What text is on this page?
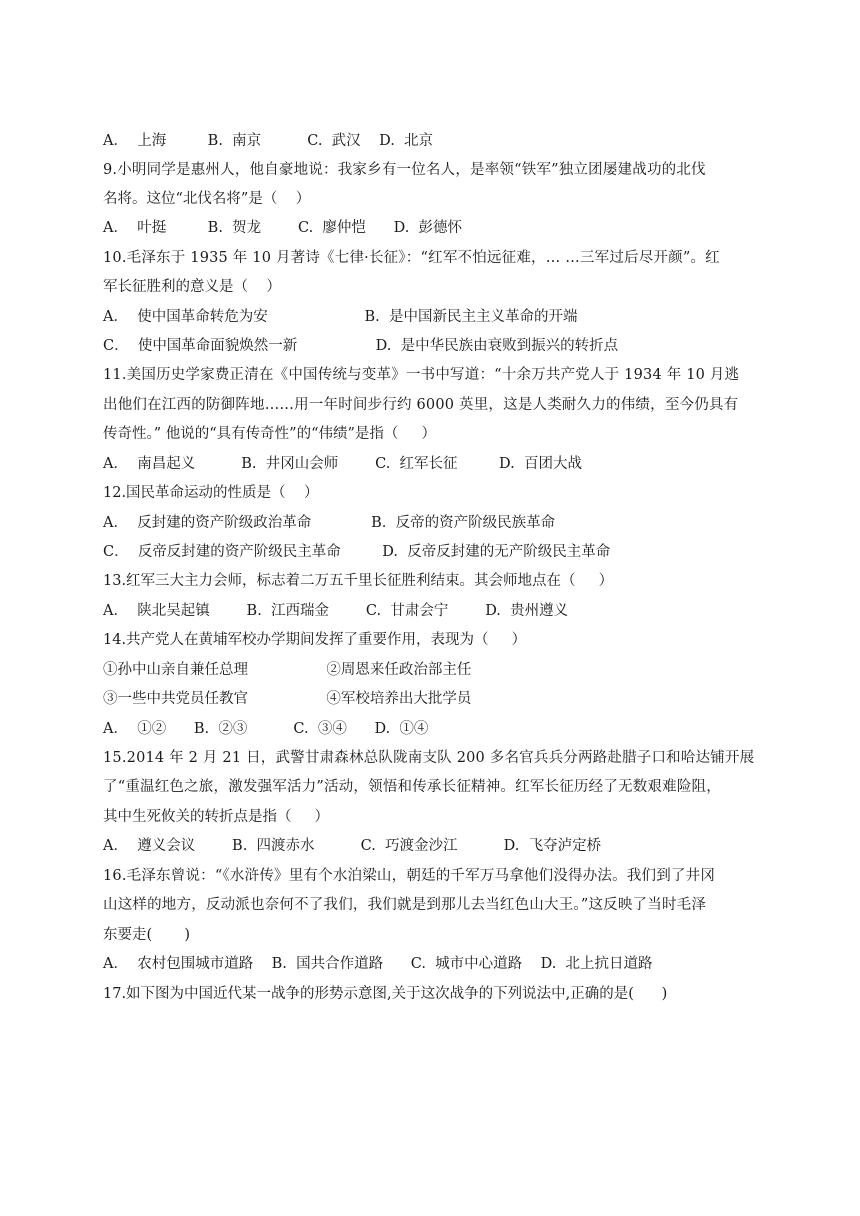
A．  上海         B.  南京          C.  武汉    D.  北京
9.小明同学是惠州人，他自豪地说：我家乡有一位名人，是率领“铁军”独立团屡建战功的北伐
名将。这位“北伐名将”是（    ）
A．  叶挺         B.  贺龙        C.  廖仲恺      D.  彭德怀
10.毛泽东于 1935 年 10 月著诗《七律·长征》：“红军不怕远征难，… …三军过后尽开颜”。红
军长征胜利的意义是（    ）
A．  使中国革命转危为安                     B.  是中国新民主主义革命的开端
C．  使中国革命面貌焕然一新                 D.  是中华民族由衰败到振兴的转折点
11.美国历史学家费正清在《中国传统与变革》一书中写道：“十余万共产党人于 1934 年 10 月逃
出他们在江西的防御阵地……用一年时间步行约 6000 英里，这是人类耐久力的伟绩，至今仍具有
传奇性。” 他说的“具有传奇性”的“伟绩”是指（     ）
A．  南昌起义          B.  井冈山会师        C.  红军长征         D.  百团大战
12.国民革命运动的性质是（    ）
A．  反封建的资产阶级政治革命             B.  反帝的资产阶级民族革命
C．  反帝反封建的资产阶级民主革命         D.  反帝反封建的无产阶级民主革命
13.红军三大主力会师，标志着二万五千里长征胜利结束。其会师地点在（     ）
A．  陕北吴起镇        B.  江西瑞金        C.  甘肃会宁        D.  贵州遵义
14.共产党人在黄埔军校办学期间发挥了重要作用，表现为（     ）
①孙中山亲自兼任总理                 ②周恩来任政治部主任
③一些中共党员任教官                 ④军校培养出大批学员
A．  ①②      B.  ②③          C.  ③④      D.  ①④
15.2014 年 2 月 21 日，武警甘肃森林总队陇南支队 200 多名官兵兵分两路赴腊子口和哈达铺开展
了“重温红色之旅，激发强军活力”活动，领悟和传承长征精神。红军长征历经了无数艰难险阻，
其中生死攸关的转折点是指（     ）
A．  遵义会议        B.  四渡赤水          C.  巧渡金沙江          D.  飞夺泸定桥
16.毛泽东曾说：“《水浒传》里有个水泊梁山，朝廷的千军万马拿他们没得办法。我们到了井冈
山这样的地方，反动派也奈何不了我们，我们就是到那儿去当红色山大王。”这反映了当时毛泽
东要走(       )
A．  农村包围城市道路    B.  国共合作道路      C.  城市中心道路    D.  北上抗日道路
17.如下图为中国近代某一战争的形势示意图,关于这次战争的下列说法中,正确的是(      )
